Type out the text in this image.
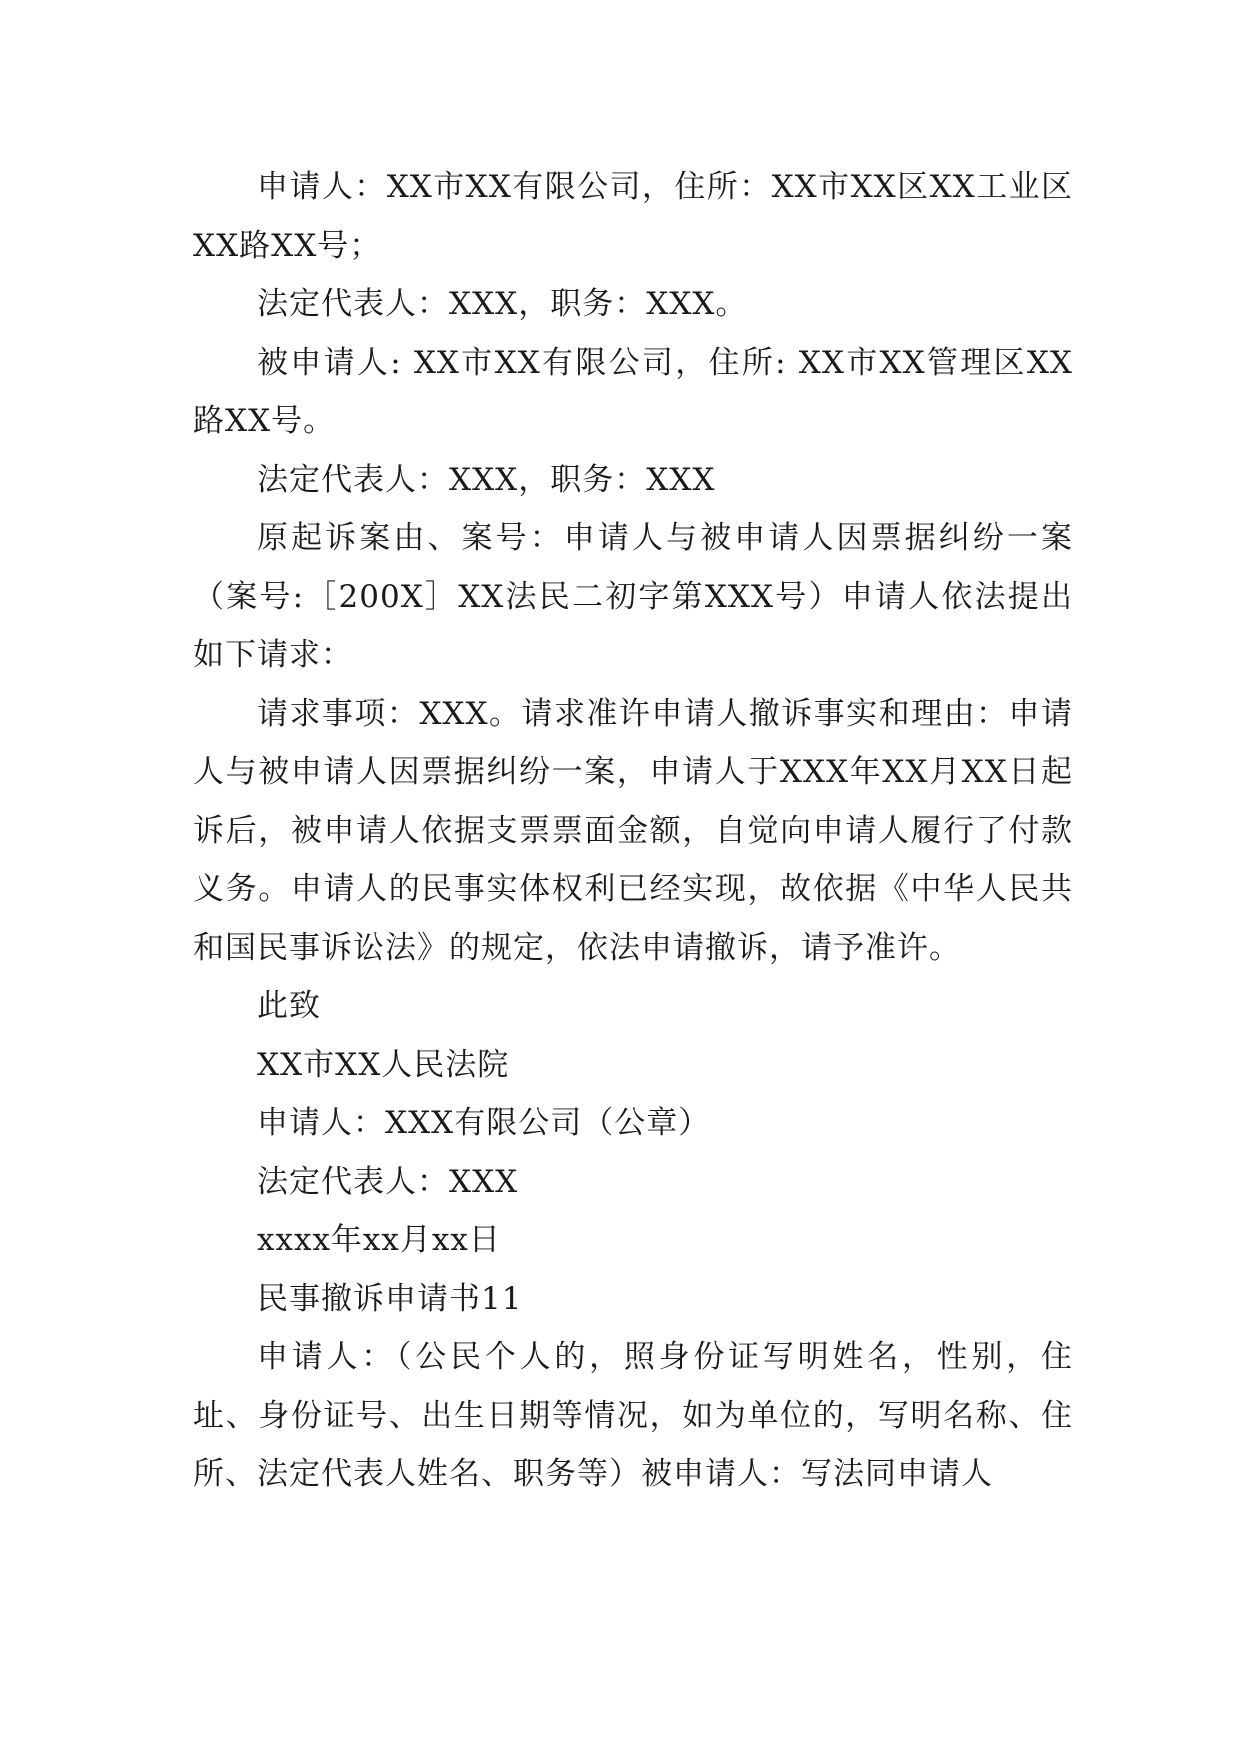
申请人：XX市XX有限公司，住所：XX市XX区XX工业区XX路XX号；

法定代表人：XXX，职务：XXX。

被申请人: XX市XX有限公司，住所: XX市XX管理区XX路XX号。

法定代表人：XXX，职务：XXX

原起诉案由、案号：申请人与被申请人因票据纠纷一案（案号:［200X］XX法民二初字第XXX号）申请人依法提出如下请求：

请求事项：XXX。请求准许申请人撤诉事实和理由：申请人与被申请人因票据纠纷一案，申请人于XXX年XX月XX日起诉后，被申请人依据支票票面金额，自觉向申请人履行了付款义务。申请人的民事实体权利已经实现，故依据《中华人民共和国民事诉讼法》的规定，依法申请撤诉，请予准许。

此致

XX市XX人民法院

申请人：XXX有限公司（公章）

法定代表人：XXX

xxxx年xx月xx日

民事撤诉申请书11

申请人：（公民个人的，照身份证写明姓名，性别，住址、身份证号、出生日期等情况，如为单位的，写明名称、住所、法定代表人姓名、职务等）被申请人：写法同申请人
